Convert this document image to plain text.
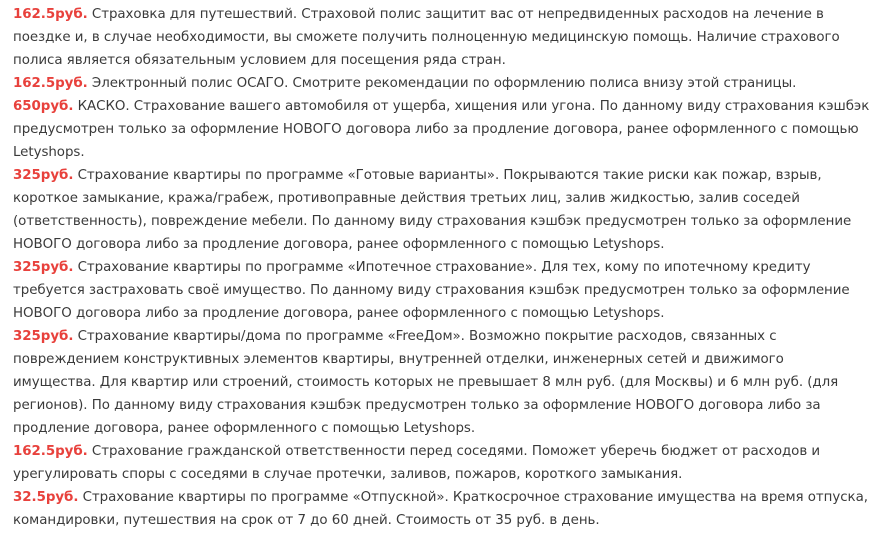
162.5руб. Страховка для путешествий. Страховой полис защитит вас от непредвиденных расходов на лечение в поездке и, в случае необходимости, вы сможете получить полноценную медицинскую помощь. Наличие страхового полиса является обязательным условием для посещения ряда стран.

162.5руб. Электронный полис ОСАГО. Смотрите рекомендации по оформлению полиса внизу этой страницы.

650руб. КАСКО. Страхование вашего автомобиля от ущерба, хищения или угона. По данному виду страхования кэшбэк предусмотрен только за оформление НОВОГО договора либо за продление договора, ранее оформленного с помощью Letyshops.

325руб. Страхование квартиры по программе «Готовые варианты». Покрываются такие риски как пожар, взрыв, короткое замыкание, кража/грабеж, противоправные действия третьих лиц, залив жидкостью, залив соседей (ответственность), повреждение мебели. По данному виду страхования кэшбэк предусмотрен только за оформление НОВОГО договора либо за продление договора, ранее оформленного с помощью Letyshops.

325руб. Страхование квартиры по программе «Ипотечное страхование». Для тех, кому по ипотечному кредиту требуется застраховать своё имущество. По данному виду страхования кэшбэк предусмотрен только за оформление НОВОГО договора либо за продление договора, ранее оформленного с помощью Letyshops.

325руб. Страхование квартиры/дома по программе «FreeДом». Возможно покрытие расходов, связанных с повреждением конструктивных элементов квартиры, внутренней отделки, инженерных сетей и движимого имущества. Для квартир или строений, стоимость которых не превышает 8 млн руб. (для Москвы) и 6 млн руб. (для регионов). По данному виду страхования кэшбэк предусмотрен только за оформление НОВОГО договора либо за продление договора, ранее оформленного с помощью Letyshops.

162.5руб. Страхование гражданской ответственности перед соседями. Поможет уберечь бюджет от расходов и урегулировать споры с соседями в случае протечки, заливов, пожаров, короткого замыкания.

32.5руб. Страхование квартиры по программе «Отпускной». Краткосрочное страхование имущества на время отпуска, командировки, путешествия на срок от 7 до 60 дней. Стоимость от 35 руб. в день.
